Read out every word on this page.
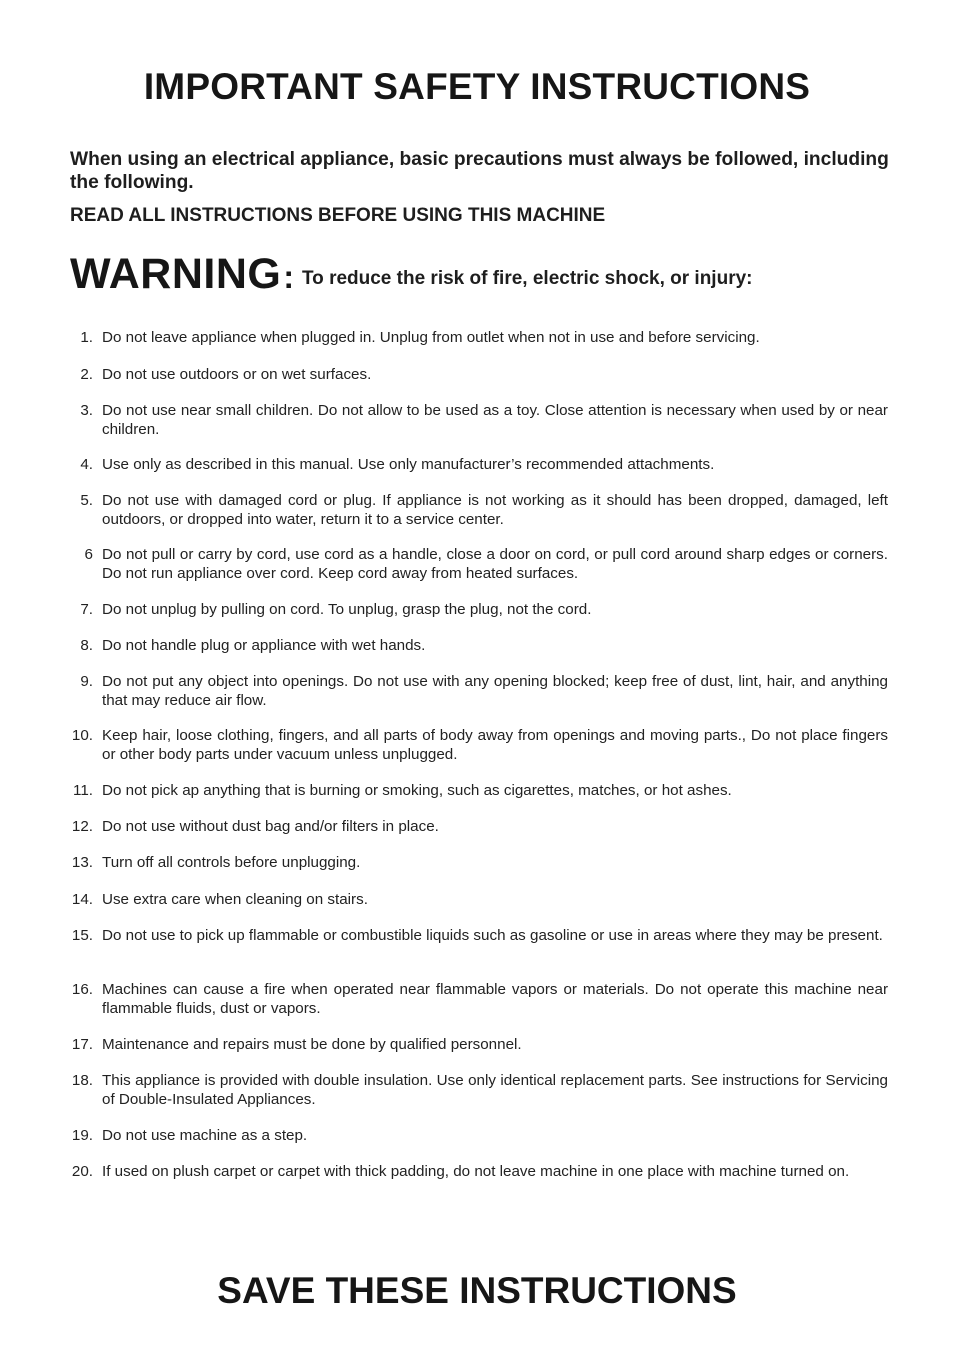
IMPORTANT SAFETY INSTRUCTIONS
When using an electrical appliance, basic precautions must always be followed, including the following.
READ ALL INSTRUCTIONS BEFORE USING THIS MACHINE
WARNING: To reduce the risk of fire, electric shock, or injury:
1. Do not leave appliance when plugged in. Unplug from outlet when not in use and before servicing.
2. Do not use outdoors or on wet surfaces.
3. Do not use near small children. Do not allow to be used as a toy. Close attention is necessary when used by or near children.
4. Use only as described in this manual. Use only manufacturer’s recommended attachments.
5. Do not use with damaged cord or plug. If appliance is not working as it should has been dropped, damaged, left outdoors, or dropped into water, return it to a service center.
6 Do not pull or carry by cord, use cord as a handle, close a door on cord, or pull cord around sharp edges or corners. Do not run appliance over cord. Keep cord away from heated surfaces.
7. Do not unplug by pulling on cord. To unplug, grasp the plug, not the cord.
8. Do not handle plug or appliance with wet hands.
9. Do not put any object into openings. Do not use with any opening blocked; keep free of dust, lint, hair, and anything that may reduce air flow.
10. Keep hair, loose clothing, fingers, and all parts of body away from openings and moving parts., Do not place fingers or other body parts under vacuum unless unplugged.
11. Do not pick ap anything that is burning or smoking, such as cigarettes, matches, or hot ashes.
12. Do not use without dust bag and/or filters in place.
13. Turn off all controls before unplugging.
14. Use extra care when cleaning on stairs.
15. Do not use to pick up flammable or combustible liquids such as gasoline or use in areas where they may be present.
16. Machines can cause a fire when operated near flammable vapors or materials. Do not operate this machine near flammable fluids, dust or vapors.
17. Maintenance and repairs must be done by qualified personnel.
18. This appliance is provided with double insulation. Use only identical replacement parts. See instructions for Servicing of Double-Insulated Appliances.
19. Do not use machine as a step.
20. If used on plush carpet or carpet with thick padding, do not leave machine in one place with machine turned on.
SAVE THESE INSTRUCTIONS
